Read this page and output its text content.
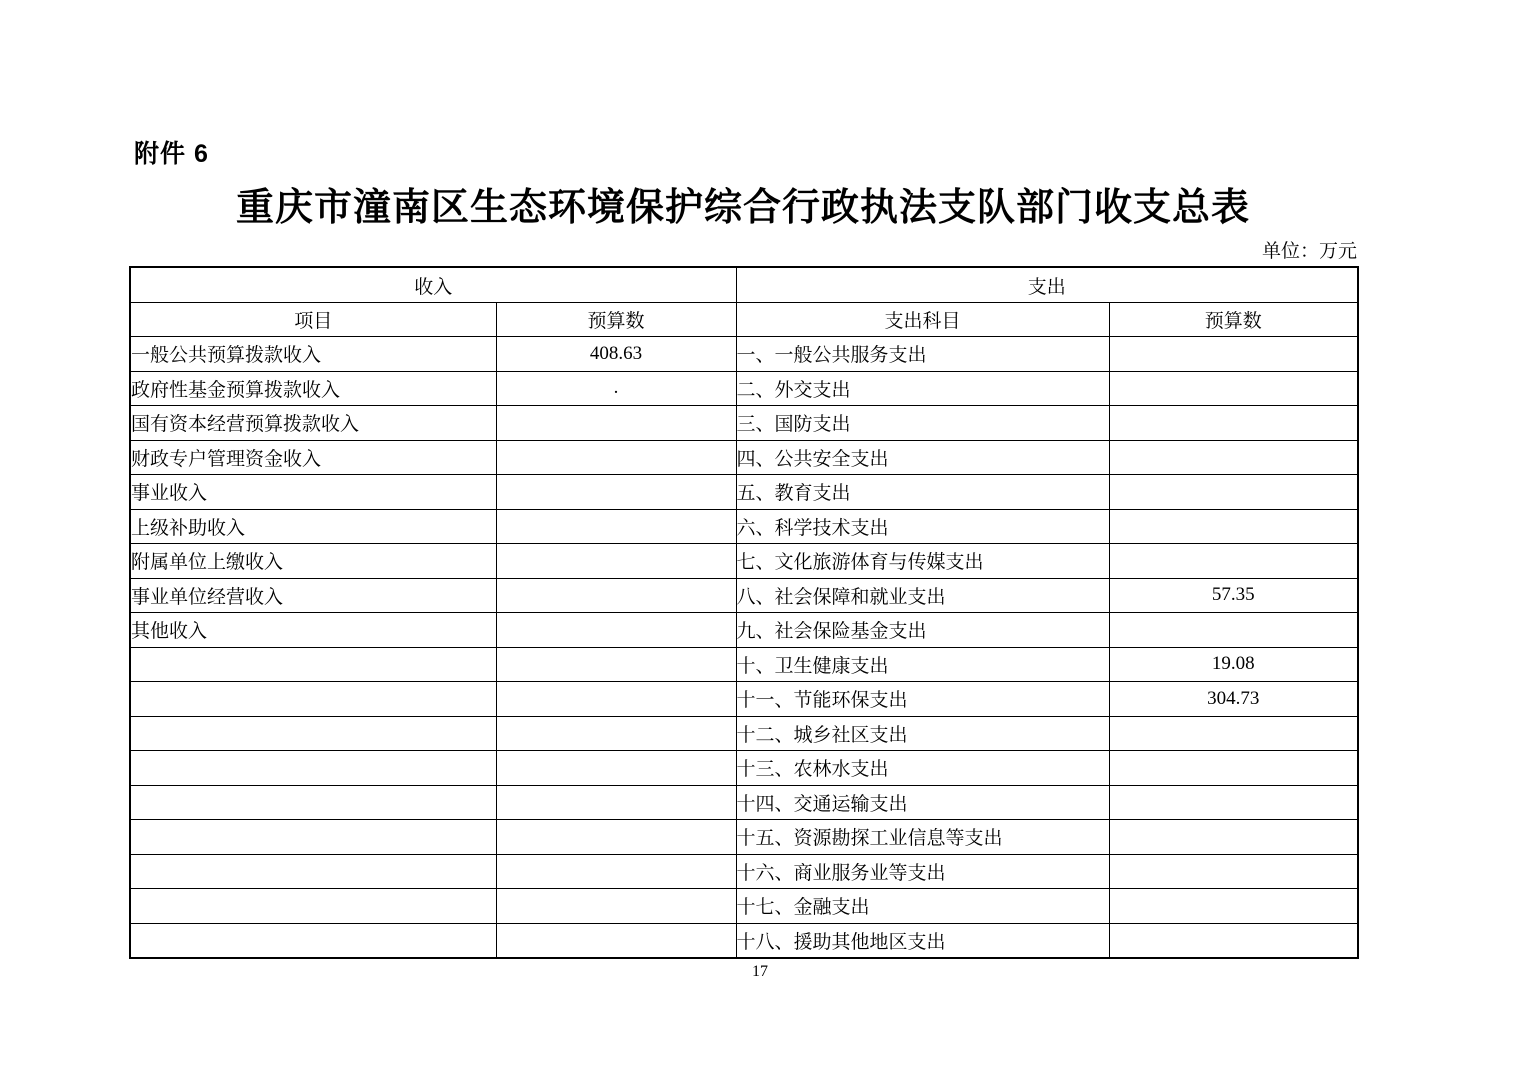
附件 6
重庆市潼南区生态环境保护综合行政执法支队部门收支总表
单位：万元
收入		支出	
项目	预算数	支出科目	预算数
一般公共预算拨款收入	408.63	一、一般公共服务支出	
政府性基金预算拨款收入	.	二、外交支出	
国有资本经营预算拨款收入		三、国防支出	
财政专户管理资金收入		四、公共安全支出	
事业收入		五、教育支出	
上级补助收入		六、科学技术支出	
附属单位上缴收入		七、文化旅游体育与传媒支出	
事业单位经营收入		八、社会保障和就业支出	57.35
其他收入		九、社会保险基金支出	
		十、卫生健康支出	19.08
		十一、节能环保支出	304.73
		十二、城乡社区支出	
		十三、农林水支出	
		十四、交通运输支出	
		十五、资源勘探工业信息等支出	
		十六、商业服务业等支出	
		十七、金融支出	
		十八、援助其他地区支出	
17
